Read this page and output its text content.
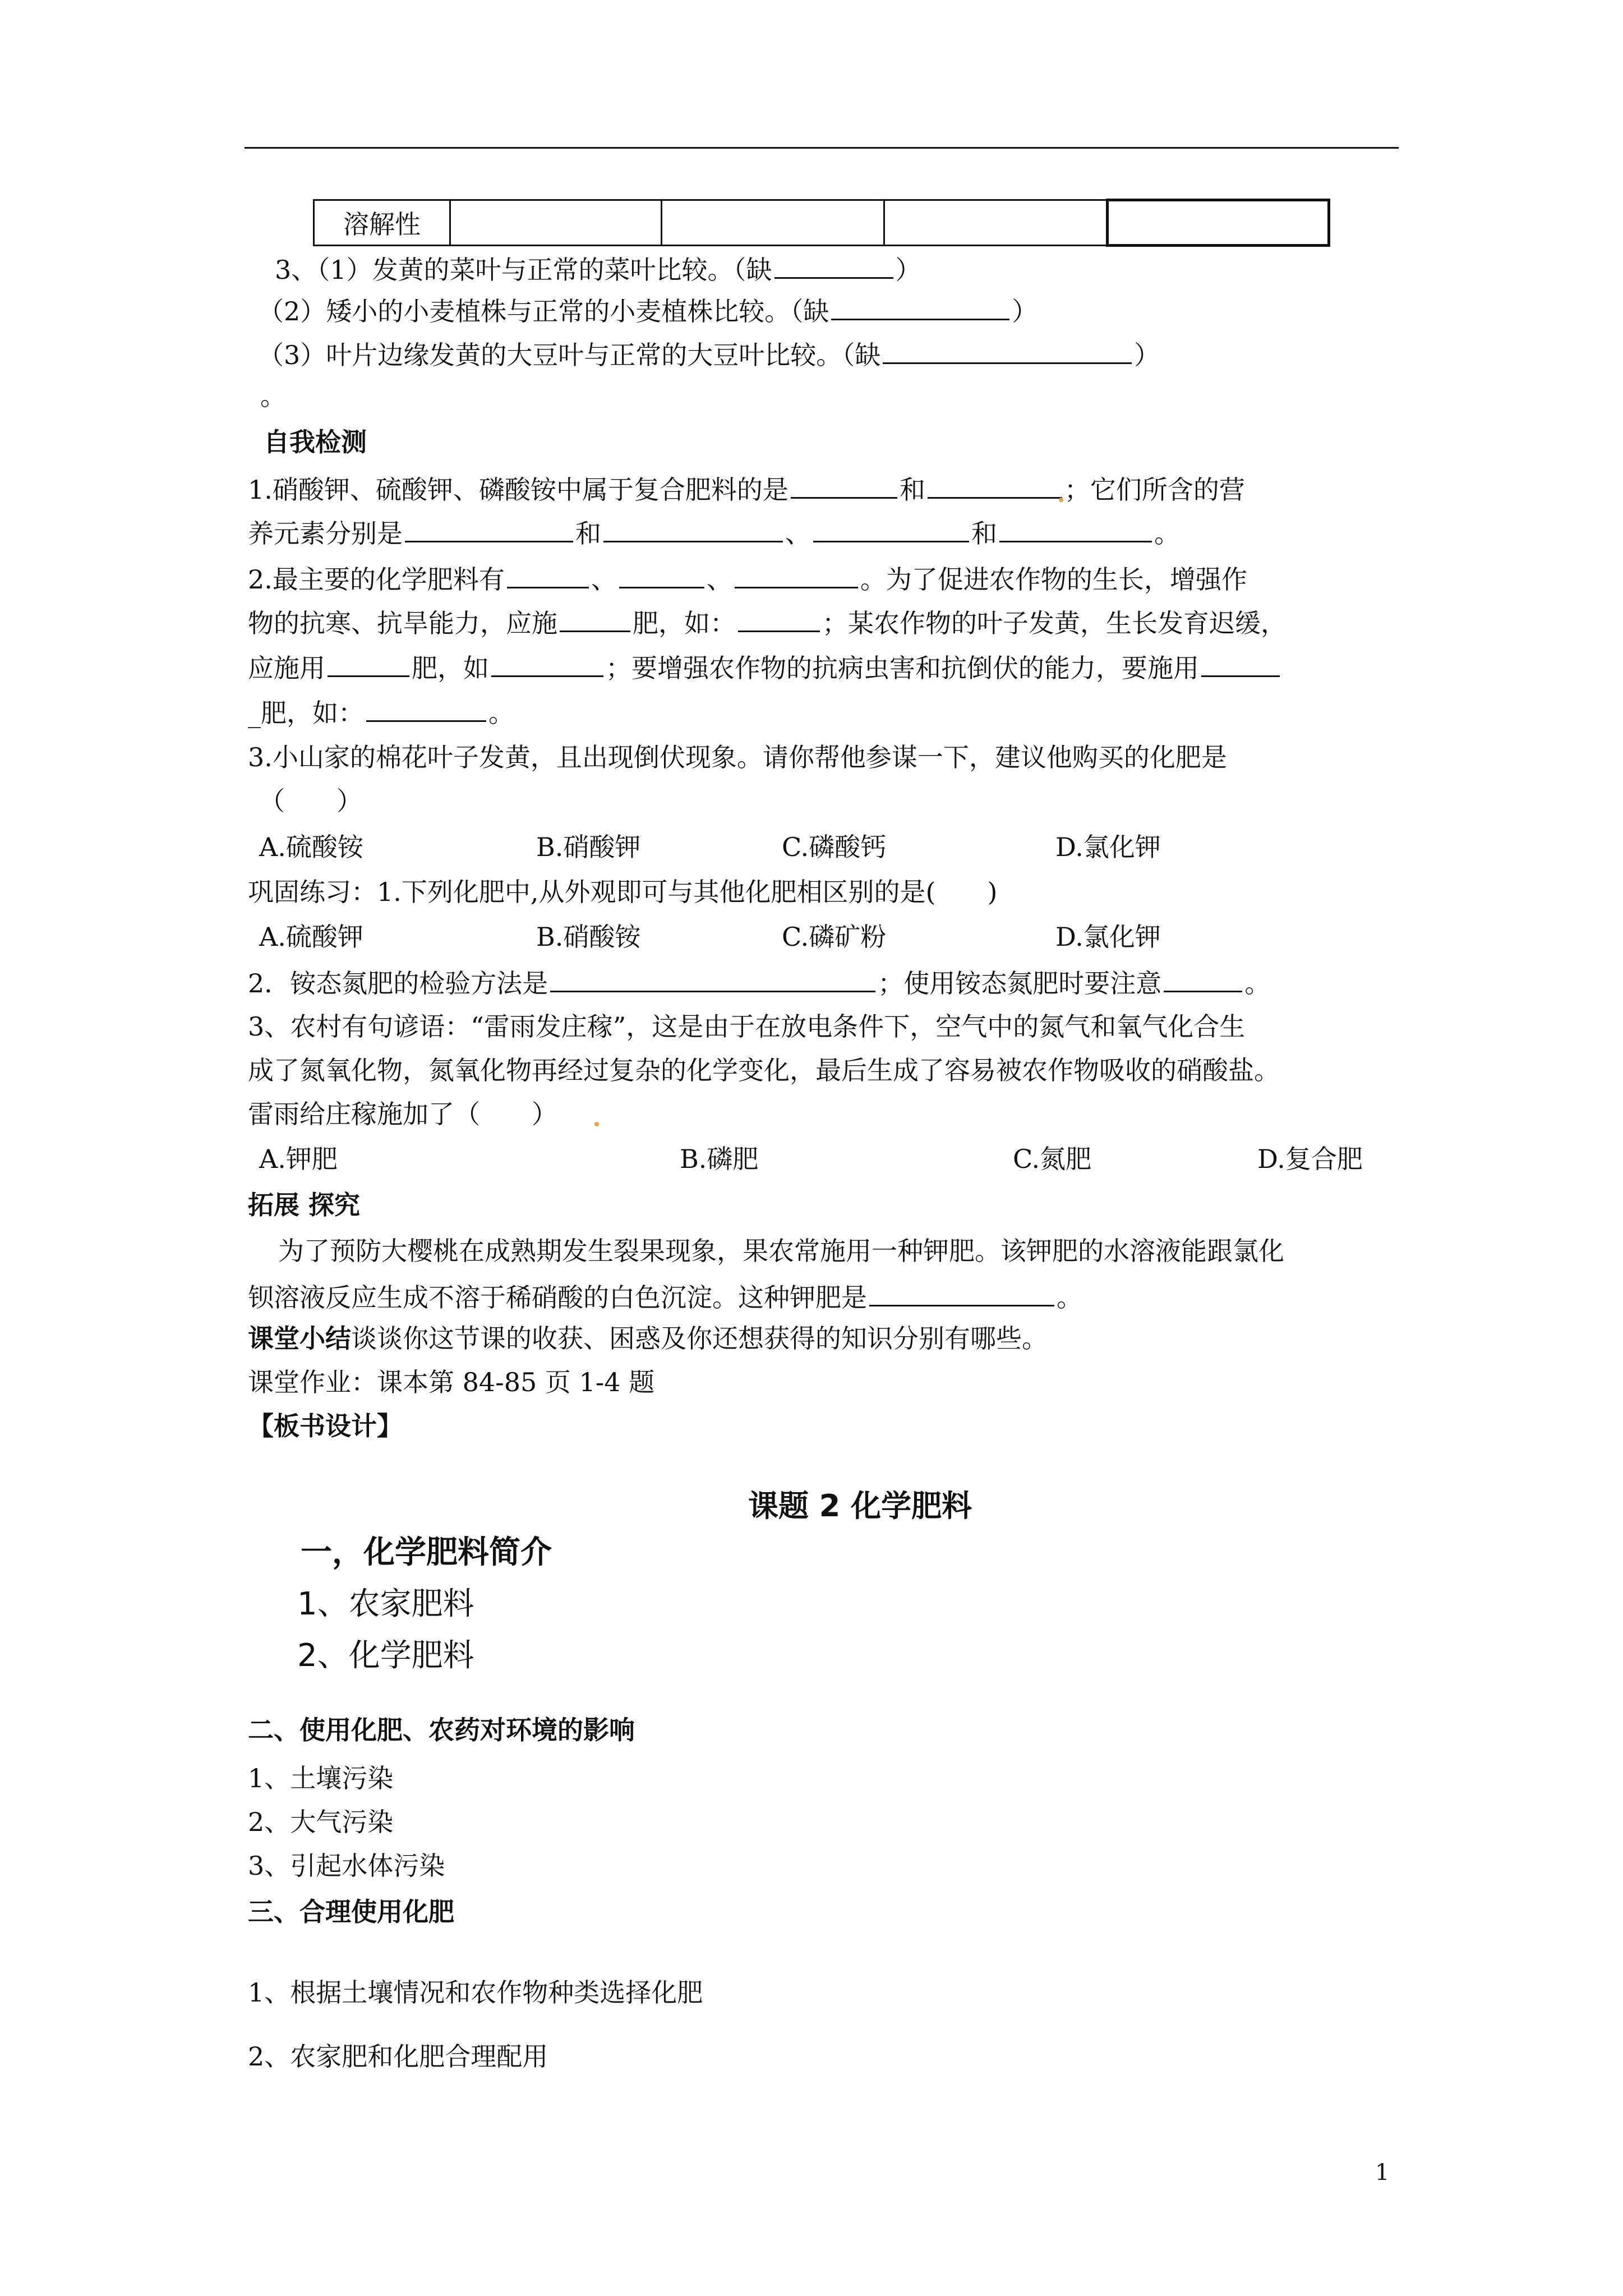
溶解性				
3、（1）发黄的菜叶与正常的菜叶比较。（缺	）
（2）矮小的小麦植株与正常的小麦植株比较。（缺	）
（3）叶片边缘发黄的大豆叶与正常的大豆叶比较。（缺	）
。
自我检测
1.硝酸钾、硫酸钾、磷酸铵中属于复合肥料的是	和	；它们所含的营
养元素分别是	和	、	和	。
2.最主要的化学肥料有	、	、	。为了促进农作物的生长，增强作
物的抗寒、抗旱能力，应施	肥，如：	；某农作物的叶子发黄，生长发育迟缓，
应施用	肥，如	；要增强农作物的抗病虫害和抗倒伏的能力，要施用
_肥，如：	。
3.小山家的棉花叶子发黄，且出现倒伏现象。请你帮他参谋一下，建议他购买的化肥是
（　　）
A.硫酸铵	B.硝酸钾	C.磷酸钙	D.氯化钾
巩固练习：1.下列化肥中,从外观即可与其他化肥相区别的是(　　)
A.硫酸钾	B.硝酸铵	C.磷矿粉	D.氯化钾
2．铵态氮肥的检验方法是	；使用铵态氮肥时要注意	。
3、农村有句谚语：“雷雨发庄稼”，这是由于在放电条件下，空气中的氮气和氧气化合生
成了氮氧化物，氮氧化物再经过复杂的化学变化，最后生成了容易被农作物吸收的硝酸盐。
雷雨给庄稼施加了（　　）
A.钾肥	B.磷肥	C.氮肥	D.复合肥
拓展 探究
为了预防大樱桃在成熟期发生裂果现象，果农常施用一种钾肥。该钾肥的水溶液能跟氯化
钡溶液反应生成不溶于稀硝酸的白色沉淀。这种钾肥是	。
课堂小结谈谈你这节课的收获、困惑及你还想获得的知识分别有哪些。
课堂作业：课本第 84-85 页 1-4 题
【板书设计】
课题 2 化学肥料
一，化学肥料简介
1、农家肥料
2、化学肥料
二、使用化肥、农药对环境的影响
1、土壤污染
2、大气污染
3、引起水体污染
三、合理使用化肥
1、根据土壤情况和农作物种类选择化肥
2、农家肥和化肥合理配用
1
